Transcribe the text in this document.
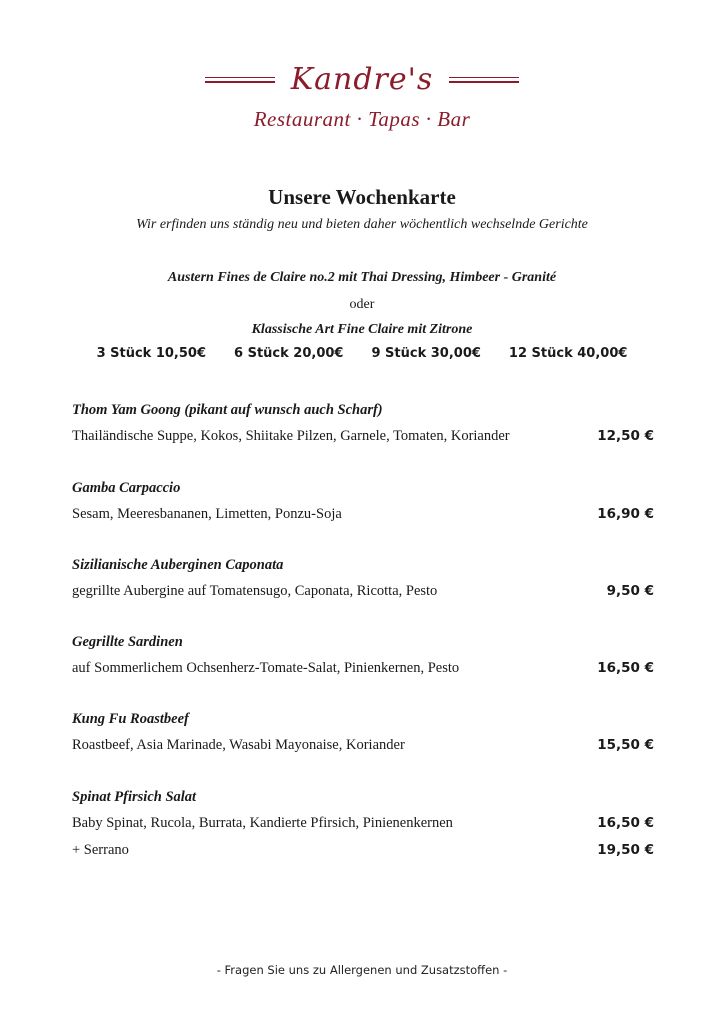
Kandre's
Restaurant · Tapas · Bar
Unsere Wochenkarte
Wir erfinden uns ständig neu und bieten daher wöchentlich wechselnde Gerichte
Austern Fines de Claire no.2 mit Thai Dressing, Himbeer - Granité
oder
Klassische Art Fine Claire mit Zitrone
3 Stück 10,50€ 6 Stück 20,00€ 9 Stück 30,00€ 12 Stück 40,00€
Thom Yam Goong (pikant auf wunsch auch Scharf)
Thailändische Suppe, Kokos, Shiitake Pilzen, Garnele, Tomaten, Koriander	12,50 €
Gamba Carpaccio
Sesam, Meeresbananen, Limetten, Ponzu-Soja	16,90 €
Sizilianische Auberginen Caponata
gegrillte Aubergine auf Tomatensugo, Caponata, Ricotta, Pesto	9,50 €
Gegrillte Sardinen
auf Sommerlichem Ochsenherz-Tomate-Salat, Pinienkernen, Pesto	16,50 €
Kung Fu Roastbeef
Roastbeef, Asia Marinade, Wasabi Mayonaise, Koriander	15,50 €
Spinat Pfirsich Salat
Baby Spinat, Rucola, Burrata, Kandierte Pfirsich, Pinienenkernen	16,50 €
+ Serrano	19,50 €
- Fragen Sie uns zu Allergenen und Zusatzstoffen -
